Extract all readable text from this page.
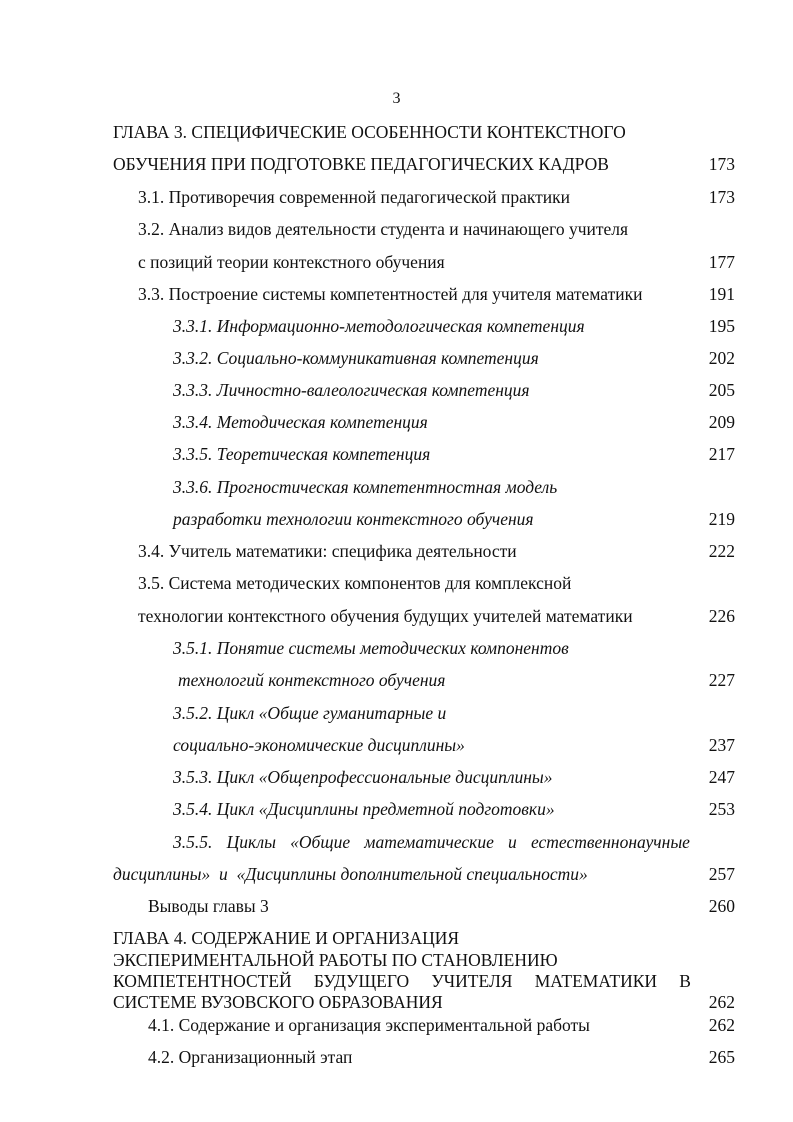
3
ГЛАВА 3. СПЕЦИФИЧЕСКИЕ ОСОБЕННОСТИ КОНТЕКСТНОГО
ОБУЧЕНИЯ ПРИ ПОДГОТОВКЕ ПЕДАГОГИЧЕСКИХ КАДРОВ	173
3.1. Противоречия современной педагогической практики	173
3.2. Анализ видов деятельности студента и начинающего учителя
с позиций теории контекстного обучения	177
3.3. Построение системы компетентностей для учителя математики	191
3.3.1. Информационно-методологическая компетенция	195
3.3.2. Социально-коммуникативная компетенция	202
3.3.3. Личностно-валеологическая компетенция	205
3.3.4. Методическая компетенция	209
3.3.5. Теоретическая компетенция	217
3.3.6. Прогностическая компетентностная модель
разработки технологии контекстного обучения	219
3.4. Учитель математики: специфика деятельности	222
3.5. Система методических компонентов для комплексной
технологии контекстного обучения будущих учителей математики	226
3.5.1. Понятие системы методических компонентов
технологий контекстного обучения	227
3.5.2. Цикл «Общие гуманитарные и
социально-экономические дисциплины»	237
3.5.3. Цикл «Общепрофессиональные дисциплины»	247
3.5.4. Цикл «Дисциплины предметной подготовки»	253
3.5.5. Циклы «Общие математические и естественнонаучные
дисциплины»  и  «Дисциплины дополнительной специальности»	257
Выводы главы 3	260
ГЛАВА 4. СОДЕРЖАНИЕ И ОРГАНИЗАЦИЯ
ЭКСПЕРИМЕНТАЛЬНОЙ РАБОТЫ ПО СТАНОВЛЕНИЮ
КОМПЕТЕНТНОСТЕЙ БУДУЩЕГО УЧИТЕЛЯ МАТЕМАТИКИ В
СИСТЕМЕ ВУЗОВСКОГО ОБРАЗОВАНИЯ	262
4.1. Содержание и организация экспериментальной работы	262
4.2. Организационный этап	265
